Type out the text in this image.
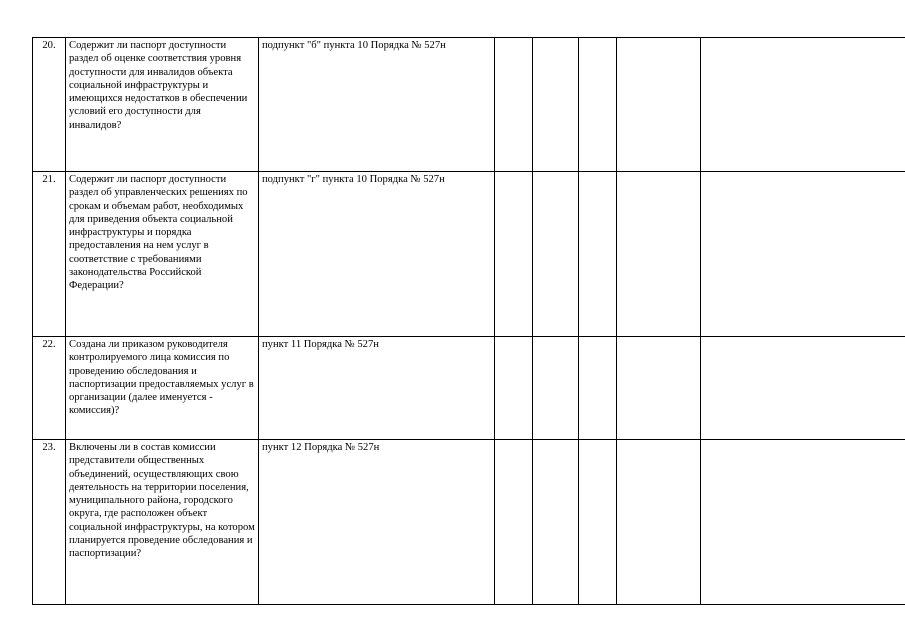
20.	Содержит ли паспорт доступности раздел об оценке соответствия уровня доступности для инвалидов объекта социальной инфраструктуры и имеющихся недостатков в обеспечении условий его доступности для инвалидов?	подпункт "б" пункта 10 Порядка № 527н					
21.	Содержит ли паспорт доступности раздел об управленческих решениях по срокам и объемам работ, необходимых для приведения объекта социальной инфраструктуры и порядка предоставления на нем услуг в соответствие с требованиями законодательства Российской Федерации?	подпункт "г" пункта 10 Порядка № 527н					
22.	Создана ли приказом руководителя контролируемого лица комиссия по проведению обследования и паспортизации предоставляемых услуг в организации (далее именуется - комиссия)?	пункт 11 Порядка № 527н					
23.	Включены ли в состав комиссии представители общественных объединений, осуществляющих свою деятельность на территории поселения, муниципального района, городского округа, где расположен объект социальной инфраструктуры, на котором планируется проведение обследования и паспортизации?	пункт 12 Порядка № 527н					
